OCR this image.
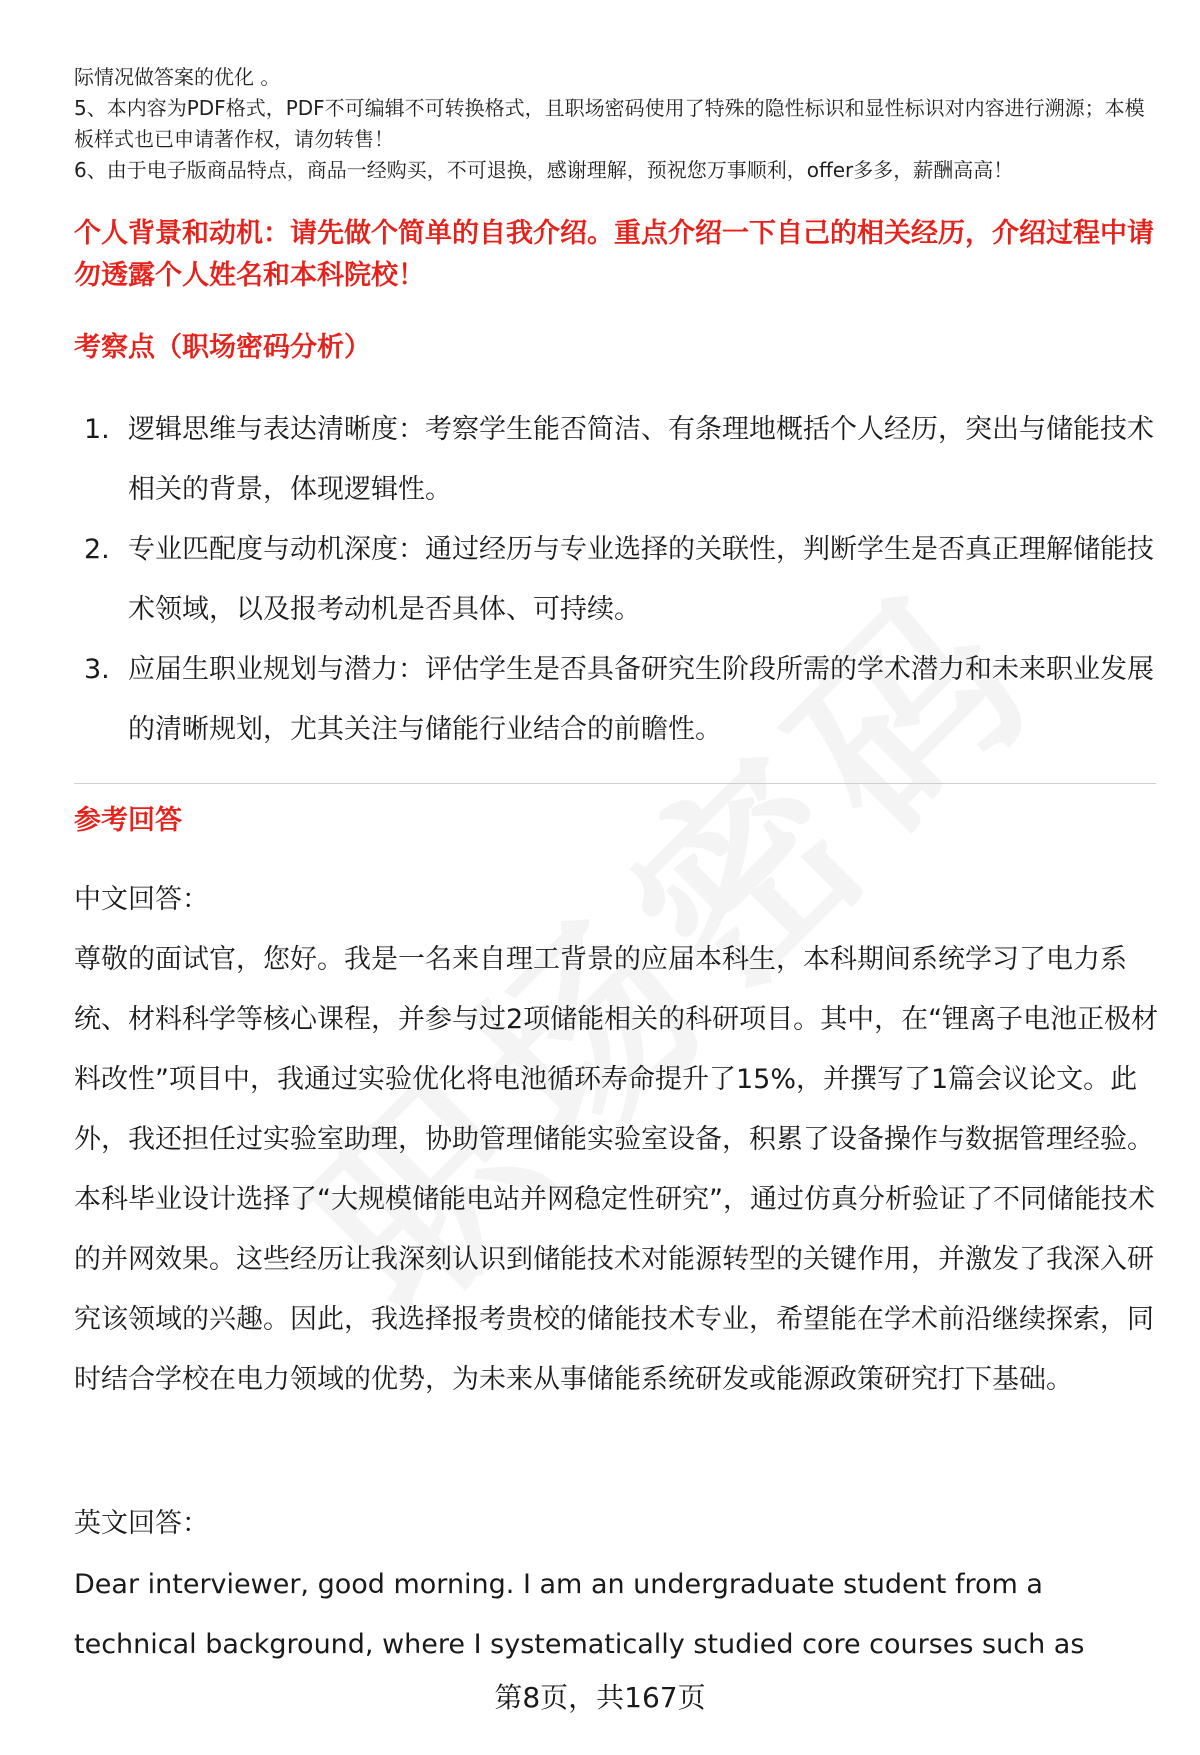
际情况做答案的优化 。

5、本内容为PDF格式，PDF不可编辑不可转换格式，且职场密码使用了特殊的隐性标识和显性标识对内容进行溯源；本模板样式也已申请著作权，请勿转售！

6、由于电子版商品特点，商品一经购买，不可退换，感谢理解，预祝您万事顺利，offer多多，薪酬高高！

个人背景和动机：请先做个简单的自我介绍。重点介绍一下自己的相关经历，介绍过程中请勿透露个人姓名和本科院校！

考察点（职场密码分析）

1. 逻辑思维与表达清晰度：考察学生能否简洁、有条理地概括个人经历，突出与储能技术相关的背景，体现逻辑性。
2. 专业匹配度与动机深度：通过经历与专业选择的关联性，判断学生是否真正理解储能技术领域，以及报考动机是否具体、可持续。
3. 应届生职业规划与潜力：评估学生是否具备研究生阶段所需的学术潜力和未来职业发展的清晰规划，尤其关注与储能行业结合的前瞻性。

参考回答

中文回答：

尊敬的面试官，您好。我是一名来自理工背景的应届本科生，本科期间系统学习了电力系统、材料科学等核心课程，并参与过2项储能相关的科研项目。其中，在“锂离子电池正极材料改性”项目中，我通过实验优化将电池循环寿命提升了15%，并撰写了1篇会议论文。此外，我还担任过实验室助理，协助管理储能实验室设备，积累了设备操作与数据管理经验。本科毕业设计选择了“大规模储能电站并网稳定性研究”，通过仿真分析验证了不同储能技术的并网效果。这些经历让我深刻认识到储能技术对能源转型的关键作用，并激发了我深入研究该领域的兴趣。因此，我选择报考贵校的储能技术专业，希望能在学术前沿继续探索，同时结合学校在电力领域的优势，为未来从事储能系统研发或能源政策研究打下基础。

英文回答：

Dear interviewer, good morning. I am an undergraduate student from a technical background, where I systematically studied core courses such as

第8页，共167页
